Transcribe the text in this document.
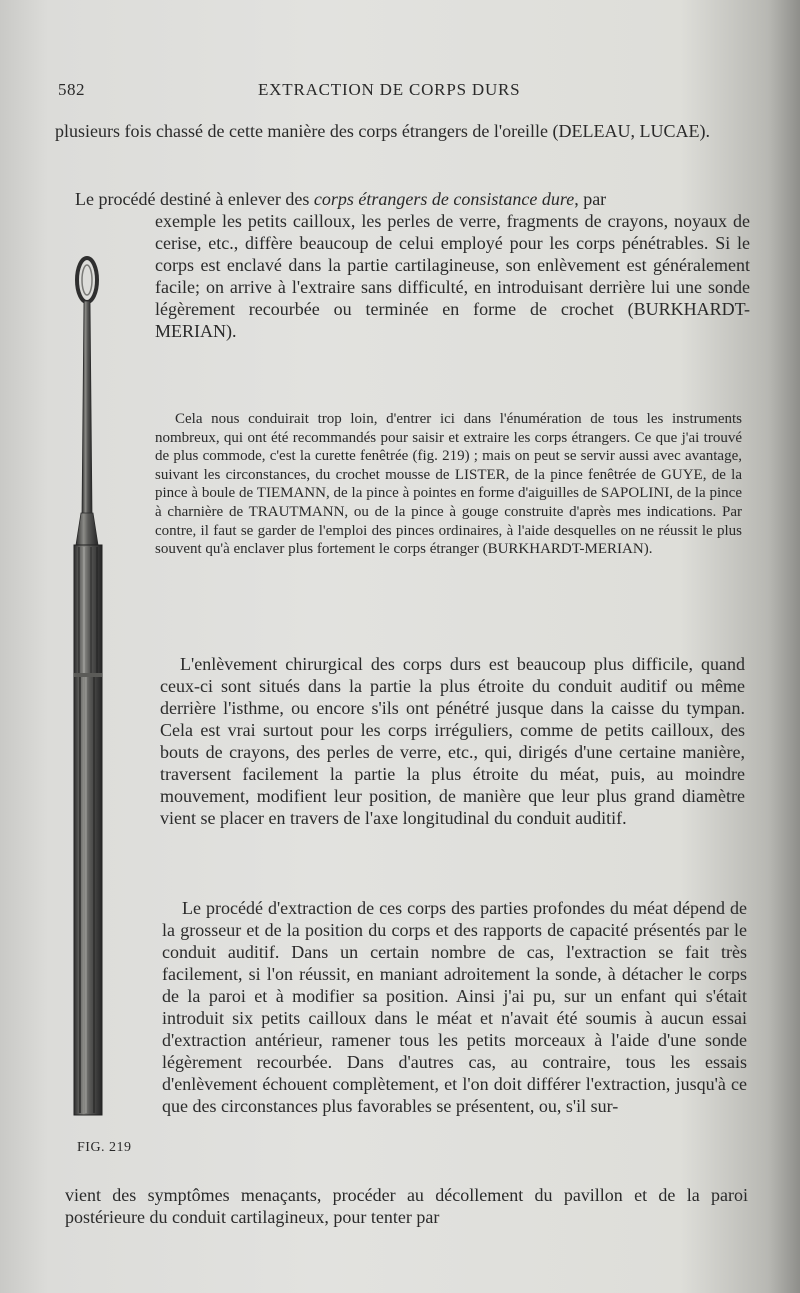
582	EXTRACTION DE CORPS DURS

plusieurs fois chassé de cette manière des corps étrangers de l'oreille (DELEAU, LUCAE).

Le procédé destiné à enlever des corps étrangers de consistance dure, par

exemple les petits cailloux, les perles de verre, fragments de crayons, noyaux de cerise, etc., diffère beaucoup de celui employé pour les corps pénétrables. Si le corps est enclavé dans la partie cartilagineuse, son enlèvement est généralement facile; on arrive à l'extraire sans difficulté, en introduisant derrière lui une sonde légèrement recourbée ou terminée en forme de crochet (BURKHARDT-MERIAN).

Cela nous conduirait trop loin, d'entrer ici dans l'énumération de tous les instruments nombreux, qui ont été recommandés pour saisir et extraire les corps étrangers. Ce que j'ai trouvé de plus commode, c'est la curette fenêtrée (fig. 219) ; mais on peut se servir aussi avec avantage, suivant les circonstances, du crochet mousse de LISTER, de la pince fenêtrée de GUYE, de la pince à boule de TIEMANN, de la pince à pointes en forme d'aiguilles de SAPOLINI, de la pince à charnière de TRAUTMANN, ou de la pince à gouge construite d'après mes indications. Par contre, il faut se garder de l'emploi des pinces ordinaires, à l'aide desquelles on ne réussit le plus souvent qu'à enclaver plus fortement le corps étranger (BURKHARDT-MERIAN).

L'enlèvement chirurgical des corps durs est beaucoup plus difficile, quand ceux-ci sont situés dans la partie la plus étroite du conduit auditif ou même derrière l'isthme, ou encore s'ils ont pénétré jusque dans la caisse du tympan. Cela est vrai surtout pour les corps irréguliers, comme de petits cailloux, des bouts de crayons, des perles de verre, etc., qui, dirigés d'une certaine manière, traversent facilement la partie la plus étroite du méat, puis, au moindre mouvement, modifient leur position, de manière que leur plus grand diamètre vient se placer en travers de l'axe longitudinal du conduit auditif.

Le procédé d'extraction de ces corps des parties profondes du méat dépend de la grosseur et de la position du corps et des rapports de capacité présentés par le conduit auditif. Dans un certain nombre de cas, l'extraction se fait très facilement, si l'on réussit, en maniant adroitement la sonde, à détacher le corps de la paroi et à modifier sa position. Ainsi j'ai pu, sur un enfant qui s'était introduit six petits cailloux dans le méat et n'avait été soumis à aucun essai d'extraction antérieur, ramener tous les petits morceaux à l'aide d'une sonde légèrement recourbée. Dans d'autres cas, au contraire, tous les essais d'enlèvement échouent complètement, et l'on doit différer l'extraction, jusqu'à ce que des circonstances plus favorables se présentent, ou, s'il sur-

vient des symptômes menaçants, procéder au décollement du pavillon et de la paroi postérieure du conduit cartilagineux, pour tenter par

FIG. 219
